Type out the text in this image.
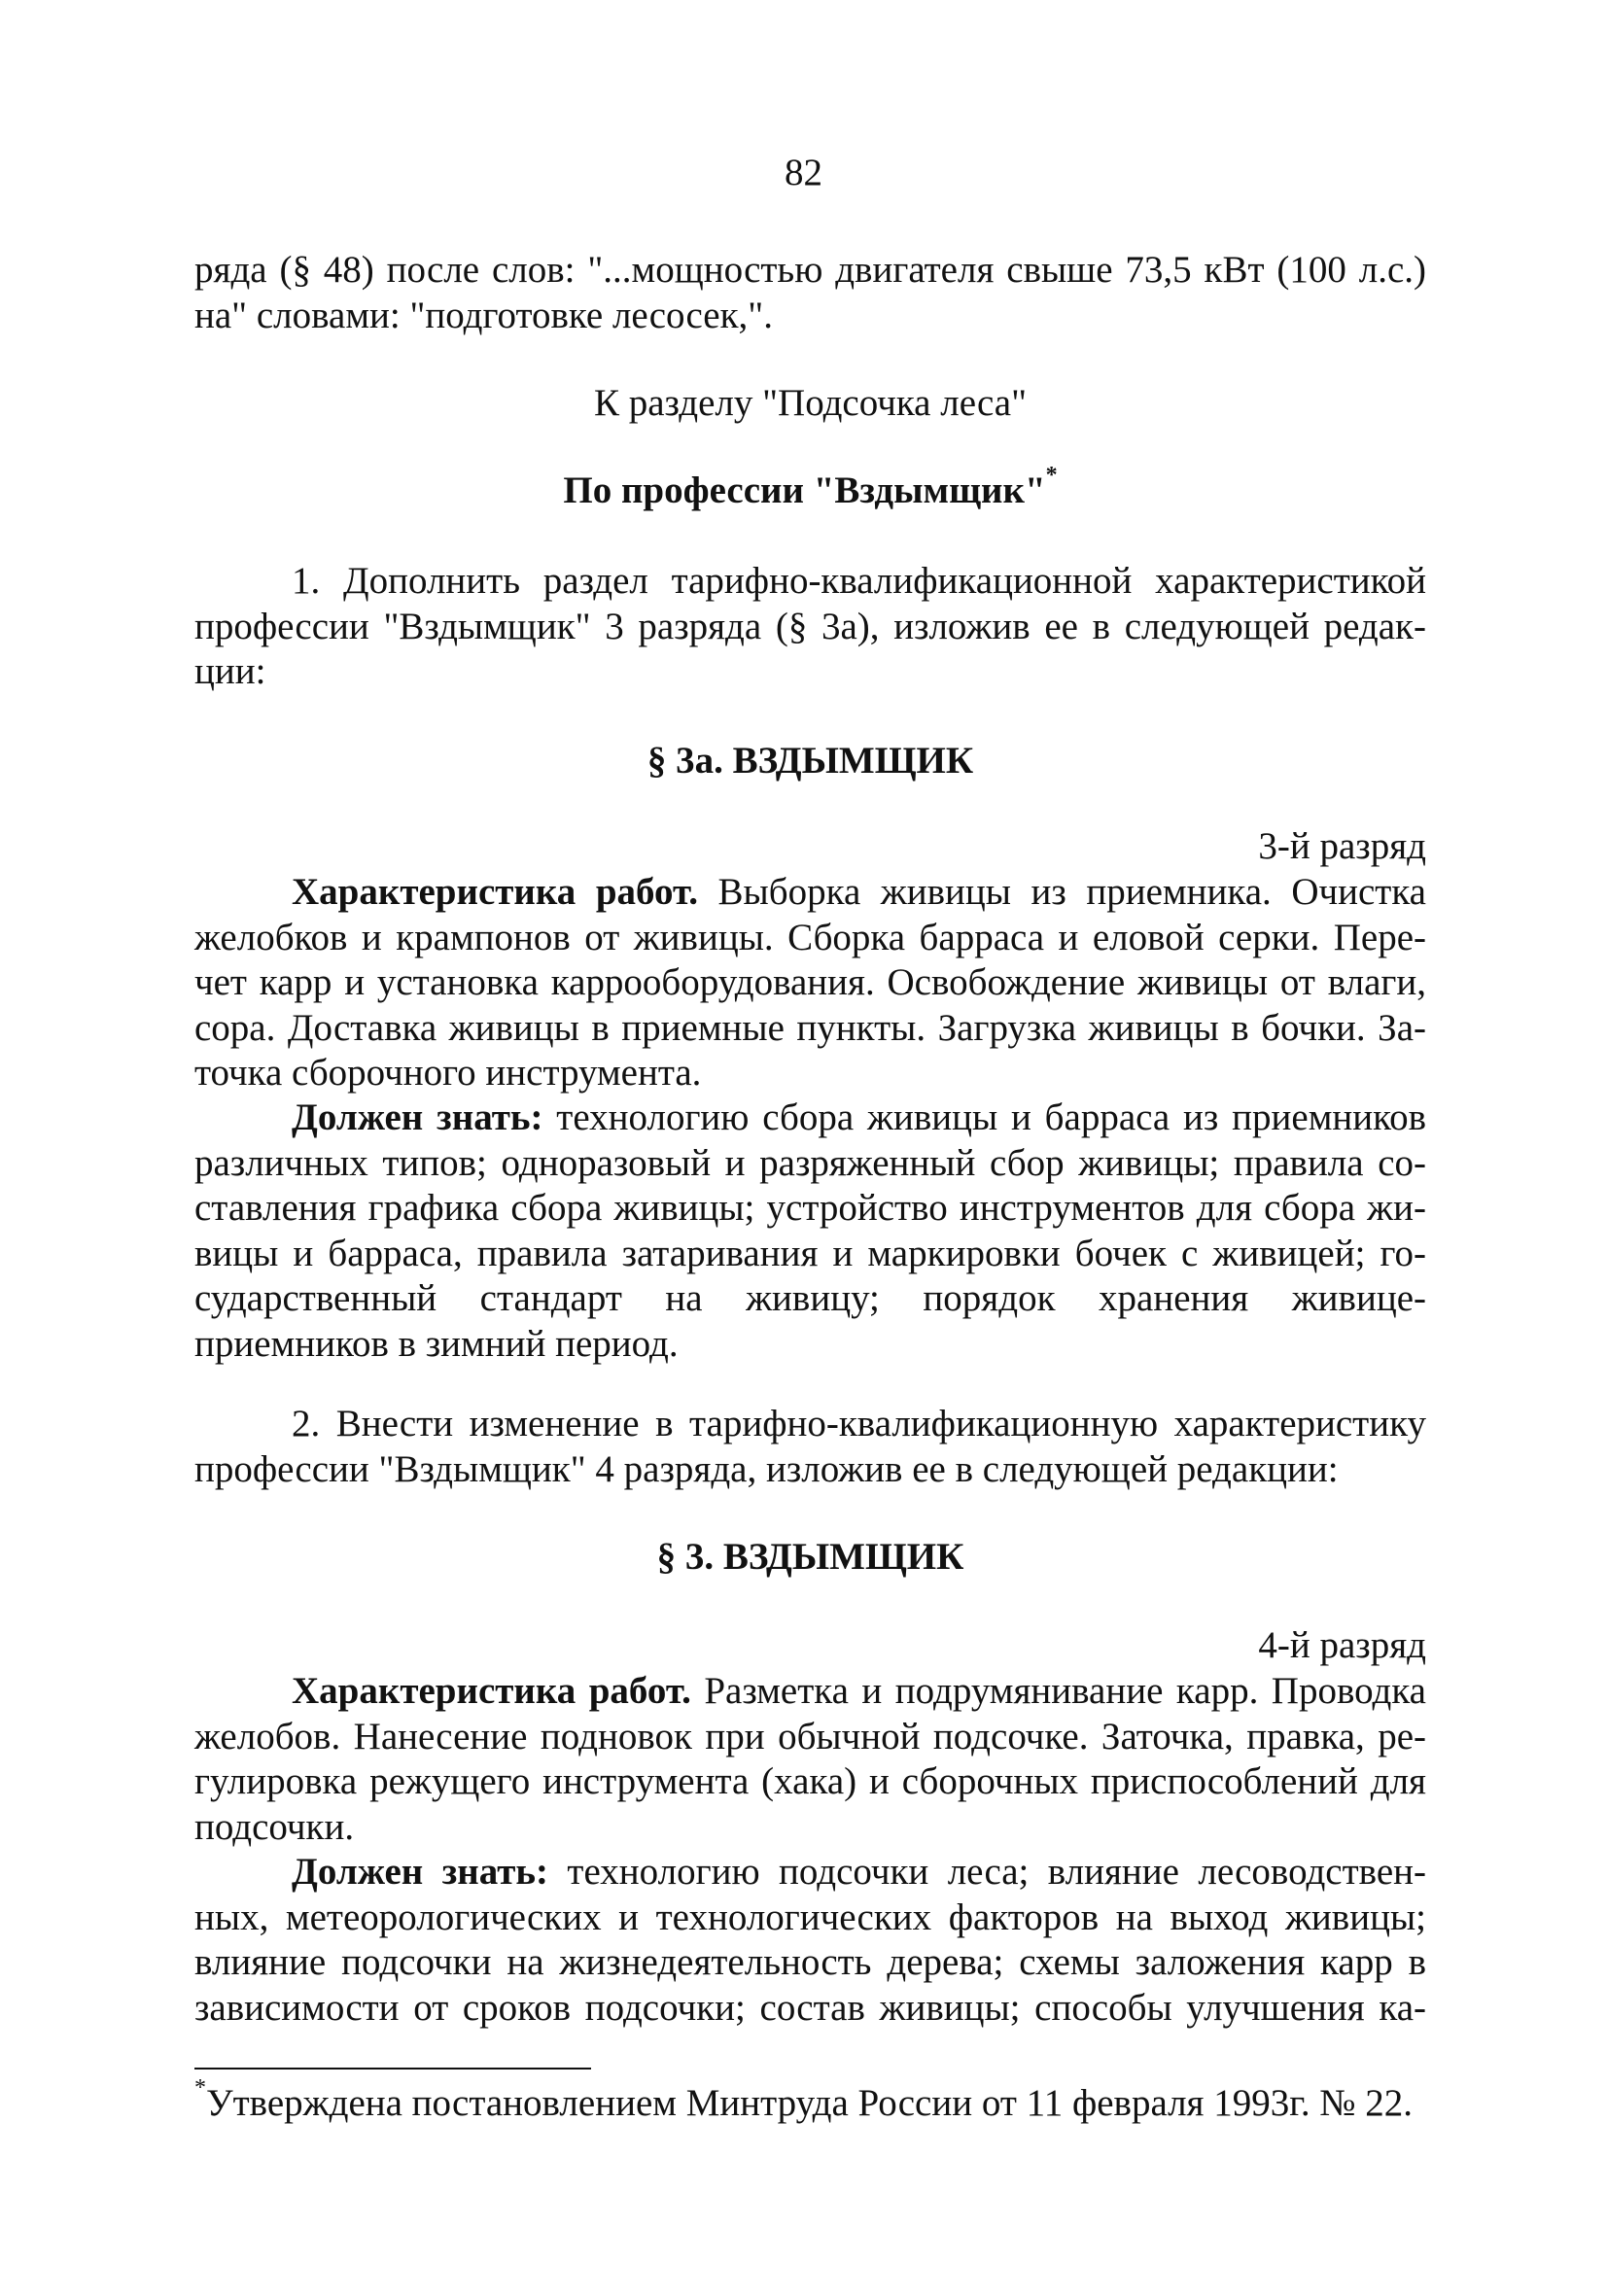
82
ряда (§ 48) после слов: "...мощностью двигателя свыше 73,5 кВт (100 л.с.)
на" словами: "подготовке лесосек,".
К разделу "Подсочка леса"
По профессии "Вздымщик"*
1. Дополнить раздел тарифно-квалификационной характеристикой
профессии "Вздымщик" 3 разряда (§ 3а), изложив ее в следующей редак-
ции:
§ 3а. ВЗДЫМЩИК
3-й разряд
Характеристика работ. Выборка живицы из приемника. Очистка
желобков и крампонов от живицы. Сборка барраса и еловой серки. Пере-
чет карр и установка каррооборудования. Освобождение живицы от влаги,
сора. Доставка живицы в приемные пункты. Загрузка живицы в бочки. За-
точка сборочного инструмента.
Должен знать: технологию сбора живицы и барраса из приемников
различных типов; одноразовый и разряженный сбор живицы; правила со-
ставления графика сбора живицы; устройство инструментов для сбора жи-
вицы и барраса, правила затаривания и маркировки бочек с живицей; го-
сударственный стандарт на живицу; порядок хранения живице-
приемников в зимний период.
2. Внести изменение в тарифно-квалификационную характеристику
профессии "Вздымщик" 4 разряда, изложив ее в следующей редакции:
§ 3. ВЗДЫМЩИК
4-й разряд
Характеристика работ. Разметка и подрумянивание карр. Проводка
желобов. Нанесение подновок при обычной подсочке. Заточка, правка, ре-
гулировка режущего инструмента (хака) и сборочных приспособлений для
подсочки.
Должен знать: технологию подсочки леса; влияние лесоводствен-
ных, метеорологических и технологических факторов на выход живицы;
влияние подсочки на жизнедеятельность дерева; схемы заложения карр в
зависимости от сроков подсочки; состав живицы; способы улучшения ка-
*Утверждена постановлением Минтруда России от 11 февраля 1993г. № 22.
